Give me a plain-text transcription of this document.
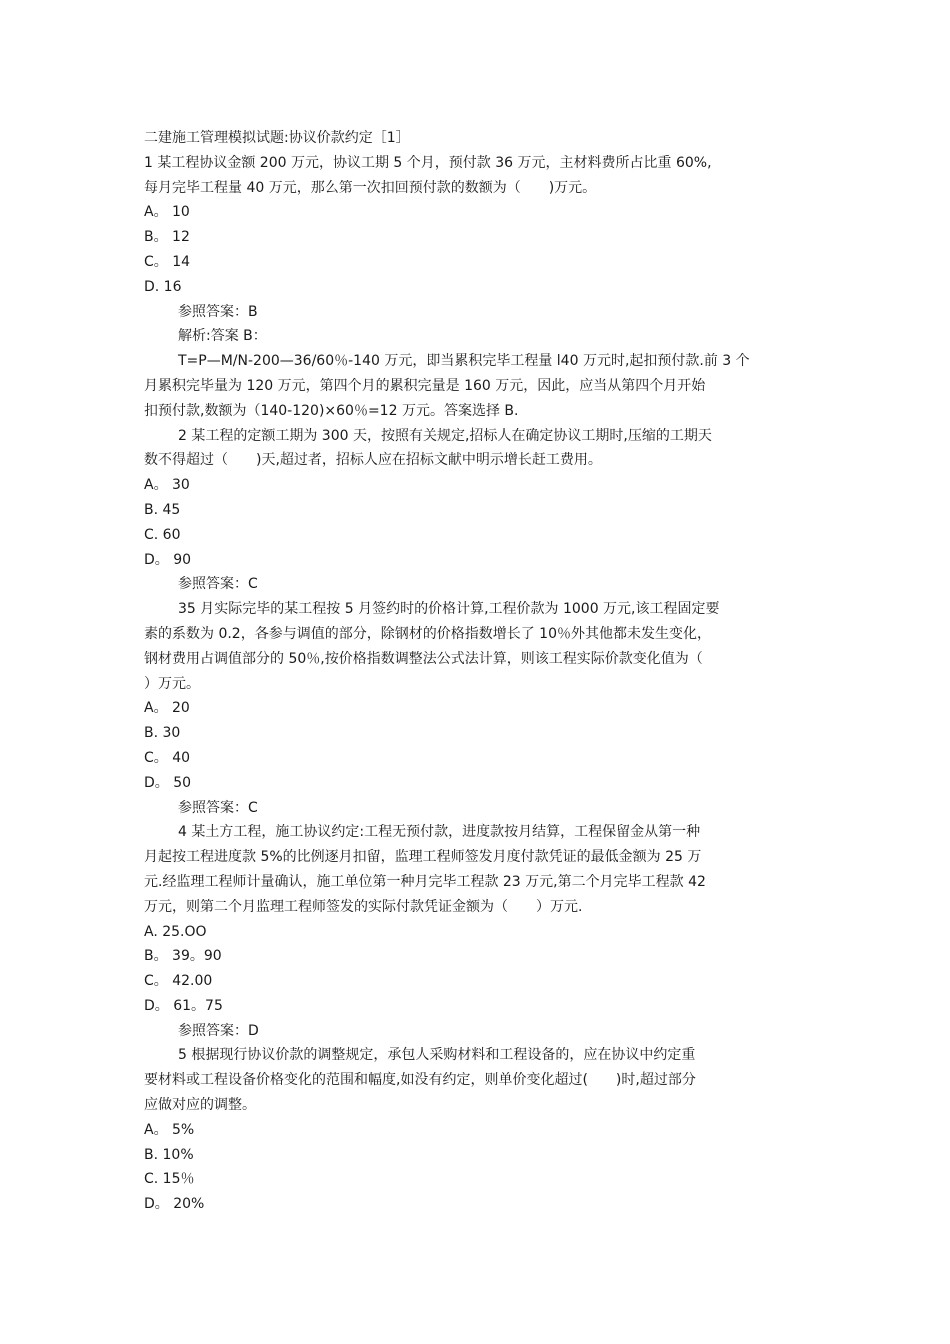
二建施工管理模拟试题:协议价款约定［1］
1 某工程协议金额 200 万元，协议工期 5 个月，预付款 36 万元，主材料费所占比重 60%,
每月完毕工程量 40 万元，那么第一次扣回预付款的数额为（　　)万元。
A。 10
B。 12
C。 14
D. 16
参照答案：B
解析:答案 B：
T=P—M/N-200—36/60％-140 万元，即当累积完毕工程量 l40 万元时,起扣预付款.前 3 个
月累积完毕量为 120 万元，第四个月的累积完量是 160 万元，因此，应当从第四个月开始
扣预付款,数额为（140-120)×60％=12 万元。答案选择 B.
2 某工程的定额工期为 300 天，按照有关规定,招标人在确定协议工期时,压缩的工期天
数不得超过（　　)天,超过者，招标人应在招标文献中明示增长赶工费用。
A。 30
B. 45
C. 60
D。 90
参照答案：C
35 月实际完毕的某工程按 5 月签约时的价格计算,工程价款为 1000 万元,该工程固定要
素的系数为 0.2，各参与调值的部分，除钢材的价格指数增长了 10％外其他都未发生变化，
钢材费用占调值部分的 50％,按价格指数调整法公式法计算，则该工程实际价款变化值为（
）万元。
A。 20
B. 30
C。 40
D。 50
参照答案：C
4 某土方工程，施工协议约定:工程无预付款，进度款按月结算，工程保留金从第一种
月起按工程进度款 5%的比例逐月扣留，监理工程师签发月度付款凭证的最低金额为 25 万
元.经监理工程师计量确认，施工单位第一种月完毕工程款 23 万元,第二个月完毕工程款 42
万元，则第二个月监理工程师签发的实际付款凭证金额为（　　）万元.
A. 25.OO
B。 39。90
C。 42.00
D。 61。75
参照答案：D
5 根据现行协议价款的调整规定，承包人采购材料和工程设备的，应在协议中约定重
要材料或工程设备价格变化的范围和幅度,如没有约定，则单价变化超过(　　)时,超过部分
应做对应的调整。
A。 5%
B. 10%
C. 15％
D。 20%
